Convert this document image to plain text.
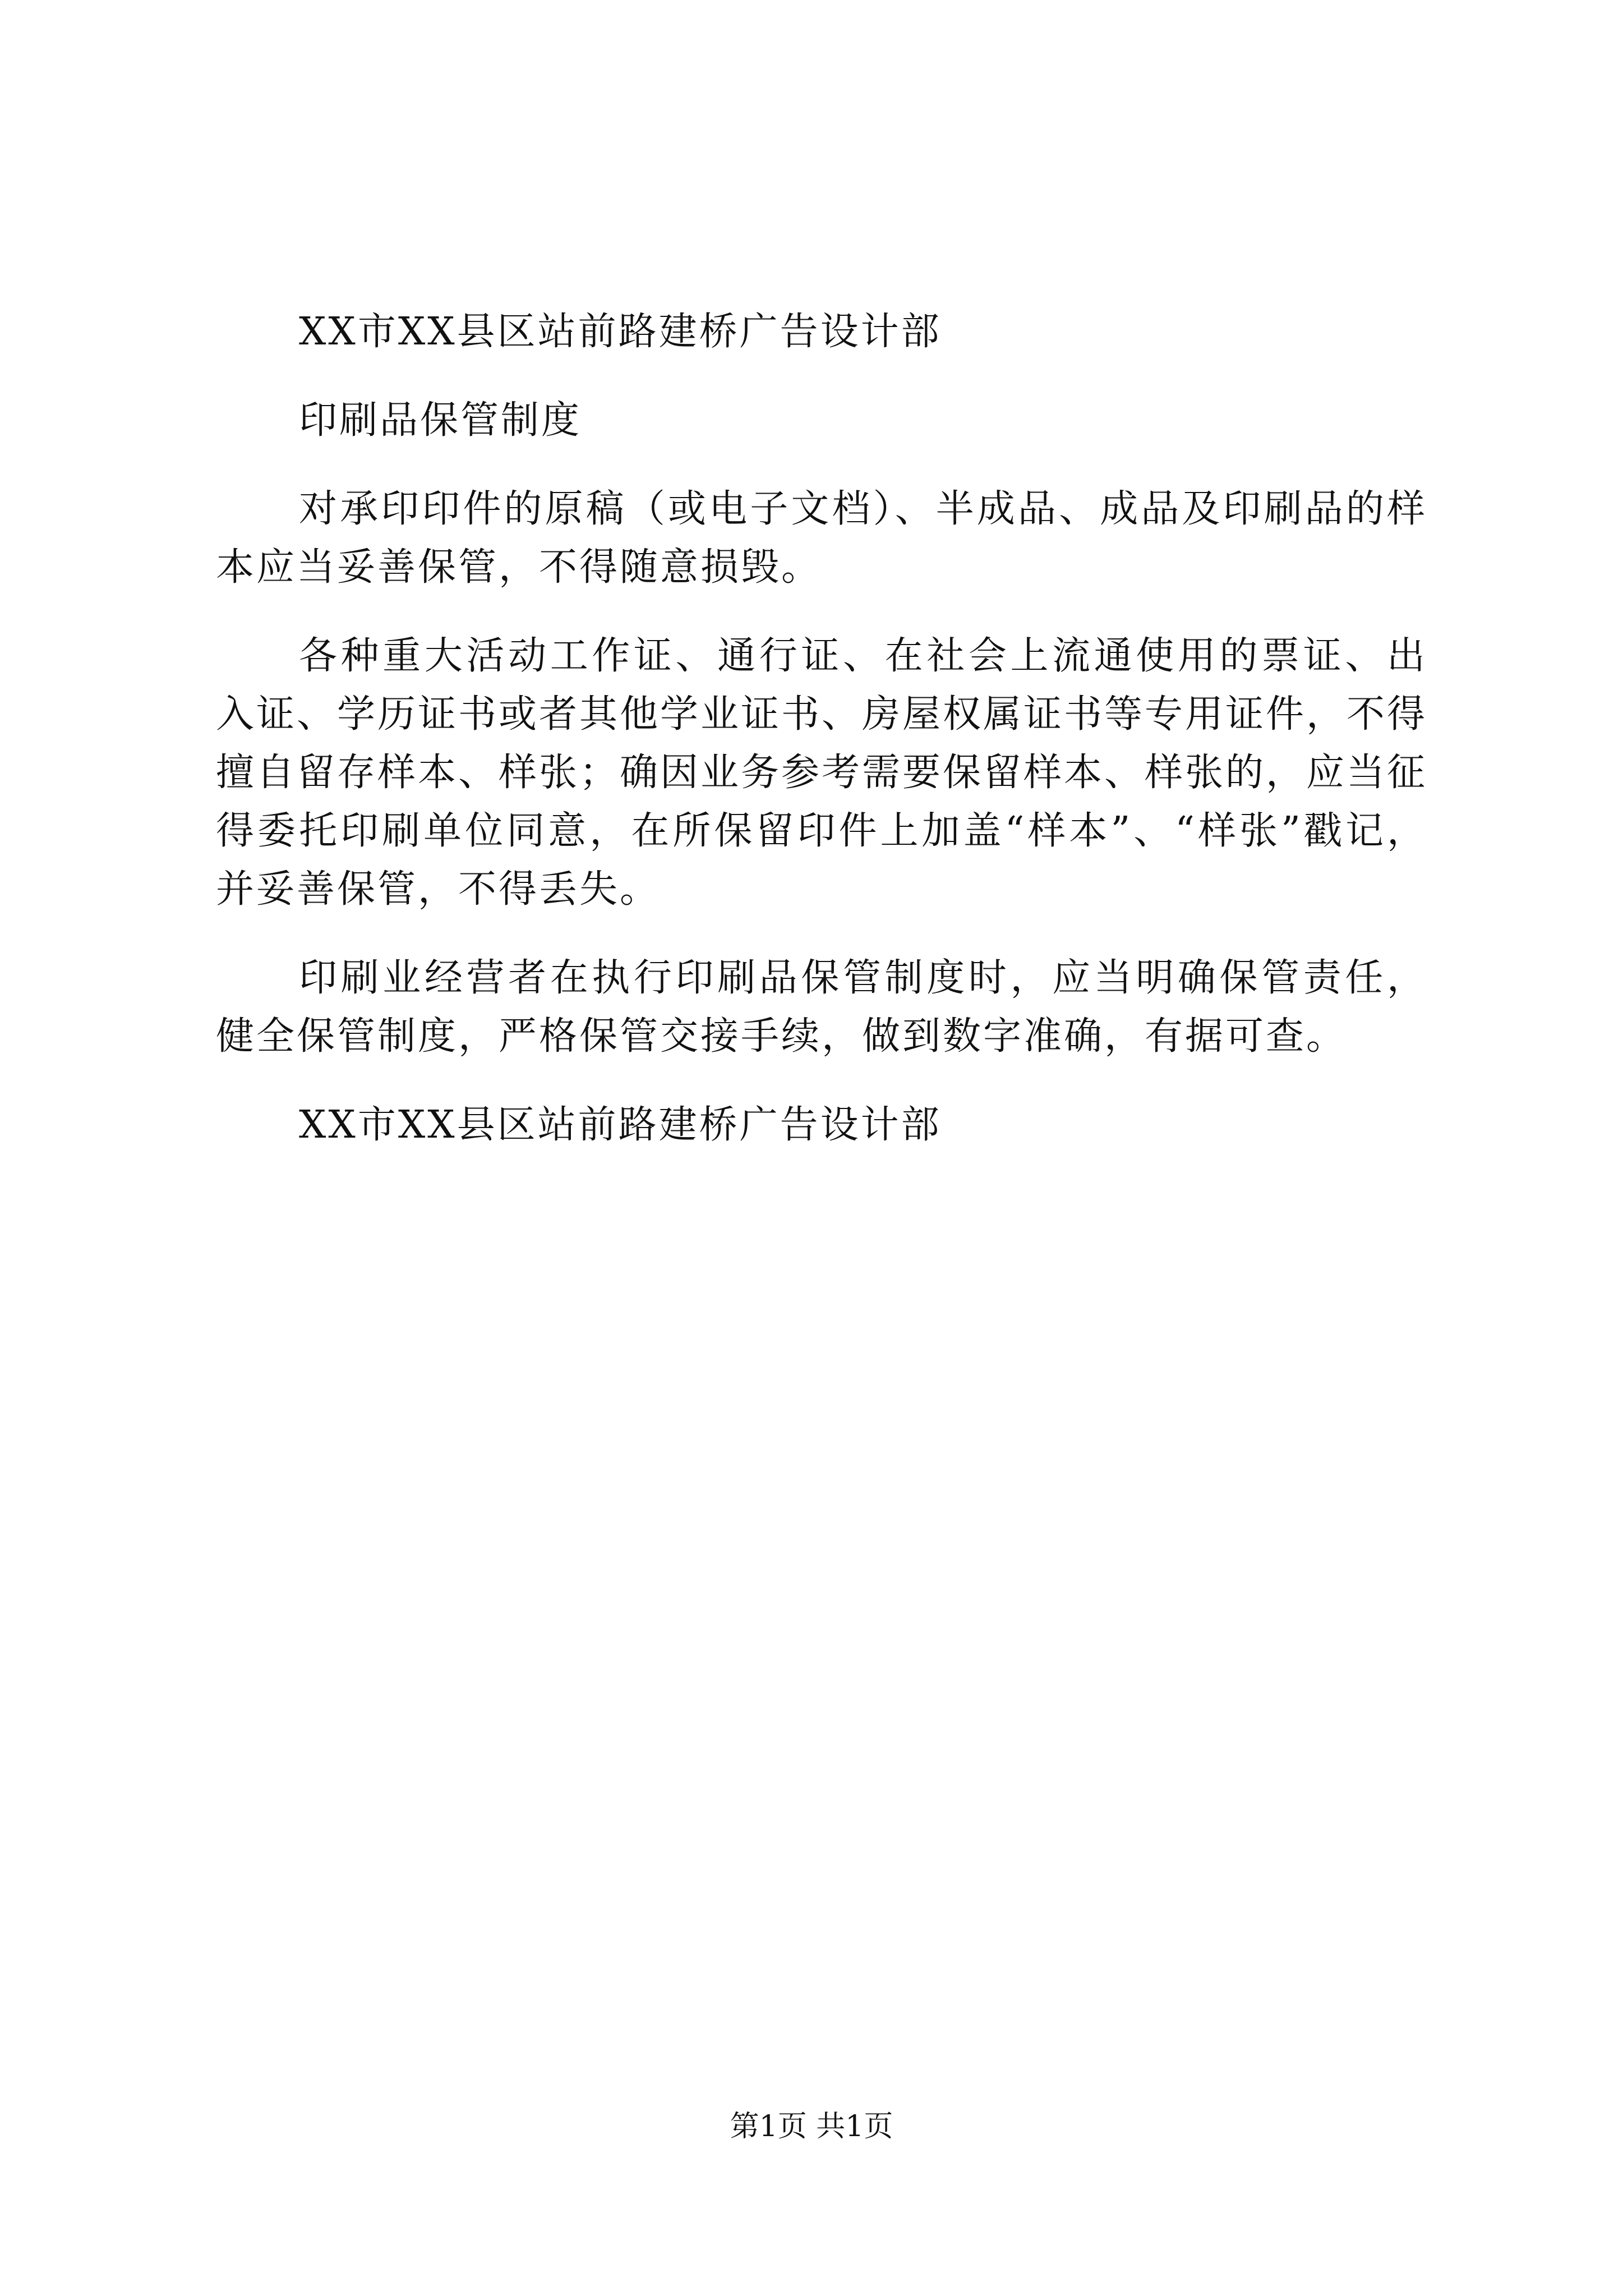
XX市XX县区站前路建桥广告设计部

印刷品保管制度

对承印印件的原稿（或电子文档）、半成品、成品及印刷品的样本应当妥善保管，不得随意损毁。

各种重大活动工作证、通行证、在社会上流通使用的票证、出入证、学历证书或者其他学业证书、房屋权属证书等专用证件，不得擅自留存样本、样张；确因业务参考需要保留样本、样张的，应当征得委托印刷单位同意，在所保留印件上加盖“样本”、“样张”戳记，并妥善保管，不得丢失。

印刷业经营者在执行印刷品保管制度时，应当明确保管责任，健全保管制度，严格保管交接手续，做到数字准确，有据可查。

XX市XX县区站前路建桥广告设计部

第1页 共1页
